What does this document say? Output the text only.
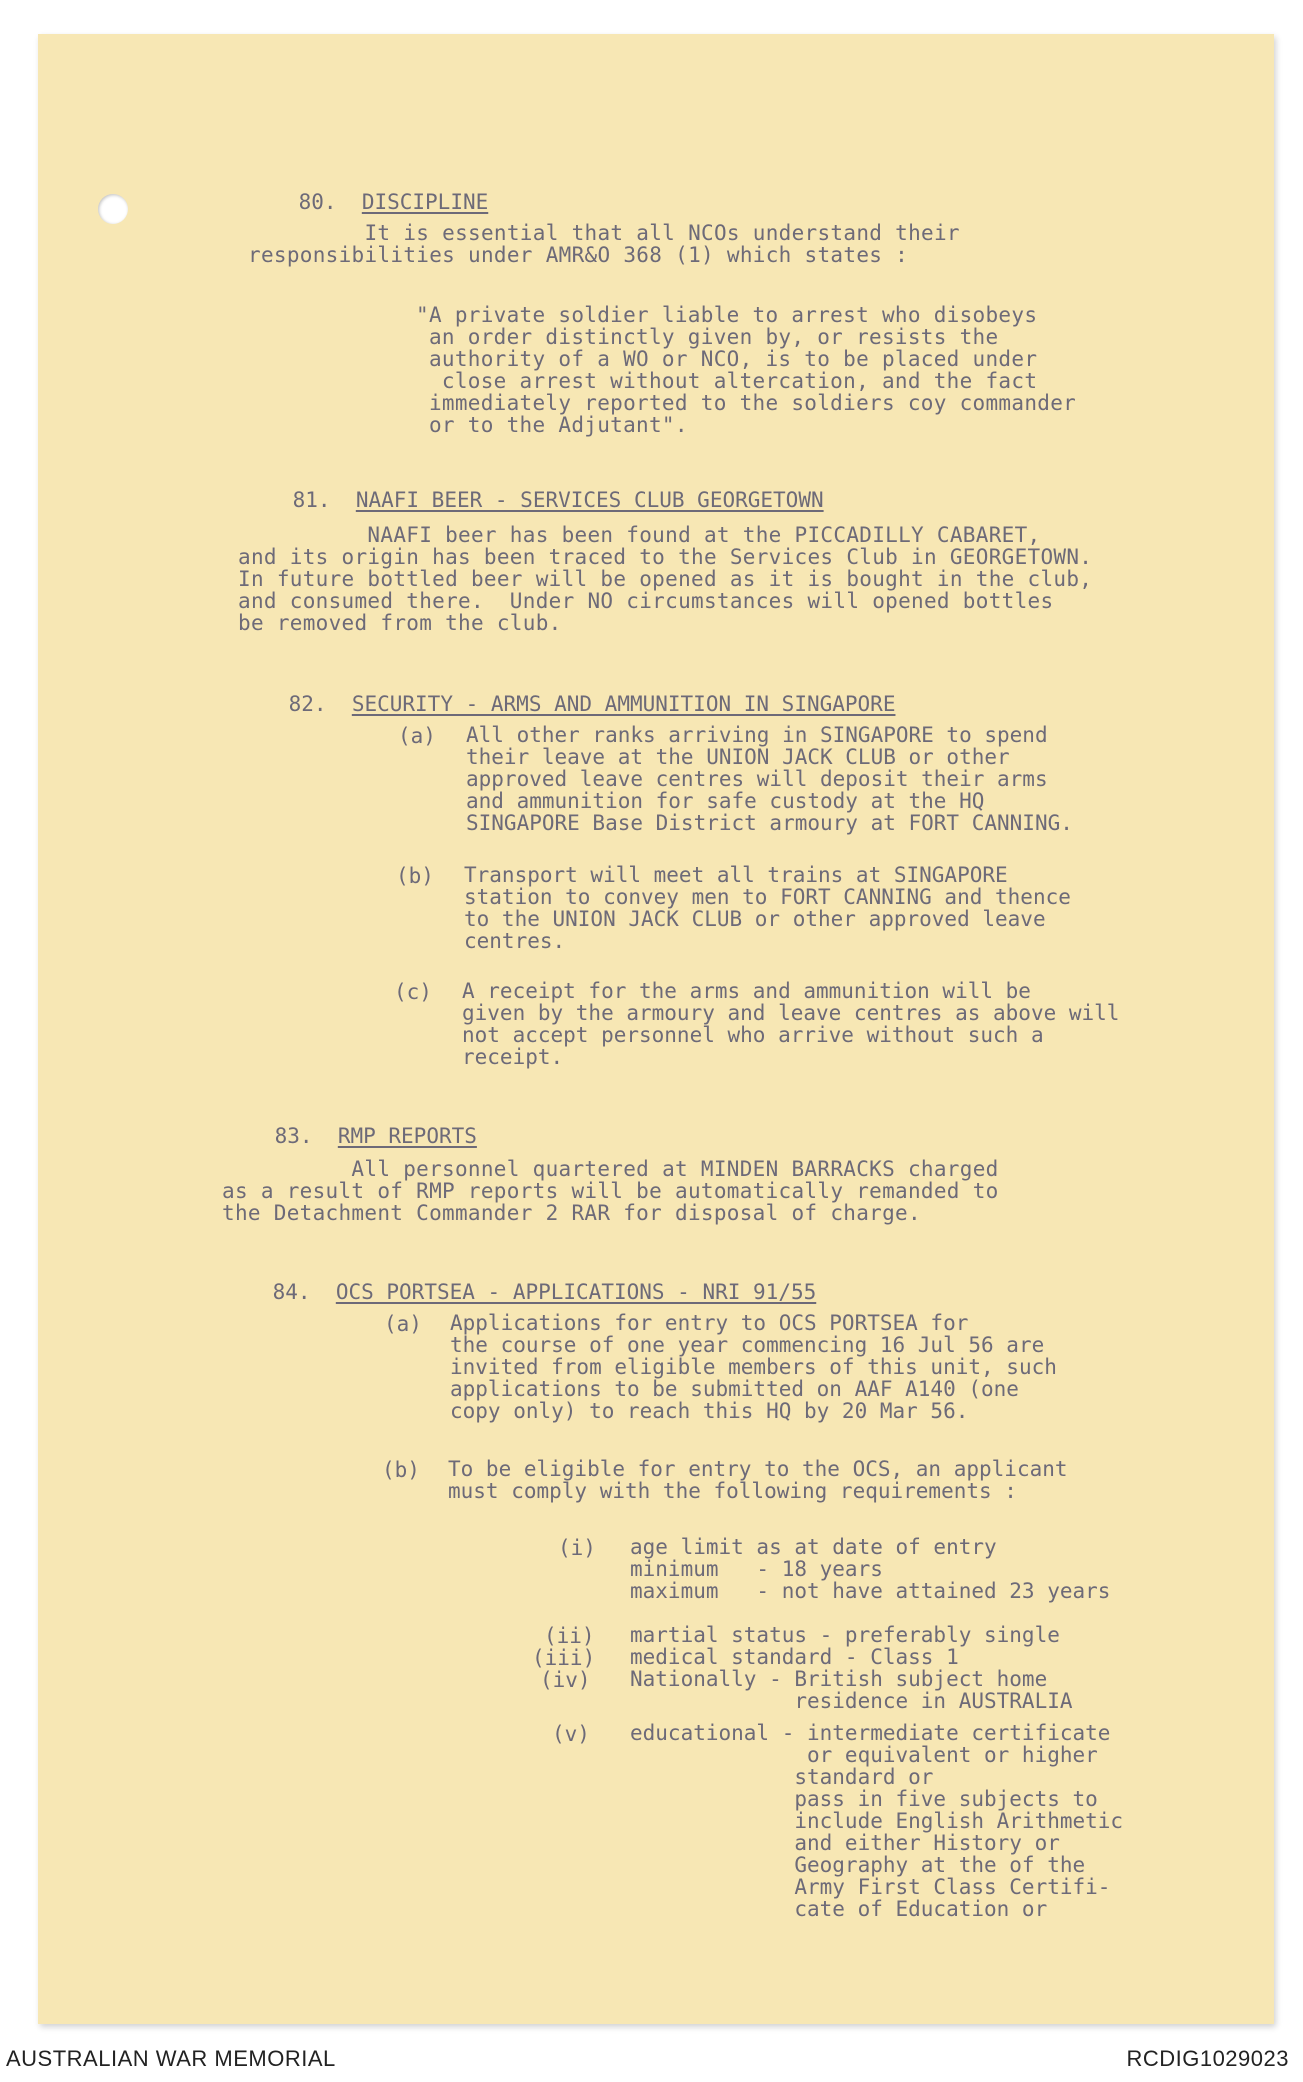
80. DISCIPLINE

It is essential that all NCOs understand their
responsibilities under AMR&O 368 (1) which states :
"A private soldier liable to arrest who disobeys
an order distinctly given by, or resists the
authority of a WO or NCO, is to be placed under
close arrest without altercation, and the fact
immediately reported to the soldiers coy commander
or to the Adjutant".

81. NAAFI BEER - SERVICES CLUB GEORGETOWN

NAAFI beer has been found at the PICCADILLY CABARET,
and its origin has been traced to the Services Club in GEORGETOWN.
In future bottled beer will be opened as it is bought in the club,
and consumed there.  Under NO circumstances will opened bottles
be removed from the club.

82. SECURITY - ARMS AND AMMUNITION IN SINGAPORE

(a) All other ranks arriving in SINGAPORE to spend
their leave at the UNION JACK CLUB or other
approved leave centres will deposit their arms
and ammunition for safe custody at the HQ
SINGAPORE Base District armoury at FORT CANNING.
(b) Transport will meet all trains at SINGAPORE
station to convey men to FORT CANNING and thence
to the UNION JACK CLUB or other approved leave
centres.
(c) A receipt for the arms and ammunition will be
given by the armoury and leave centres as above will
not accept personnel who arrive without such a
receipt.

83. RMP REPORTS

All personnel quartered at MINDEN BARRACKS charged
as a result of RMP reports will be automatically remanded to
the Detachment Commander 2 RAR for disposal of charge.

84. OCS PORTSEA - APPLICATIONS - NRI 91/55

(a) Applications for entry to OCS PORTSEA for
the course of one year commencing 16 Jul 56 are
invited from eligible members of this unit, such
applications to be submitted on AAF A140 (one
copy only) to reach this HQ by 20 Mar 56.
(b) To be eligible for entry to the OCS, an applicant
must comply with the following requirements :
(i) age limit as at date of entry
minimum   - 18 years
maximum   - not have attained 23 years
(ii) martial status - preferably single
(iii) medical standard - Class 1
(iv) Nationally - British subject home
residence in AUSTRALIA
(v) educational - intermediate certificate
or equivalent or higher
standard or
pass in five subjects to
include English Arithmetic
and either History or
Geography at the of the
Army First Class Certifi-
cate of Education or
AUSTRALIAN WAR MEMORIAL	RCDIG1029023
